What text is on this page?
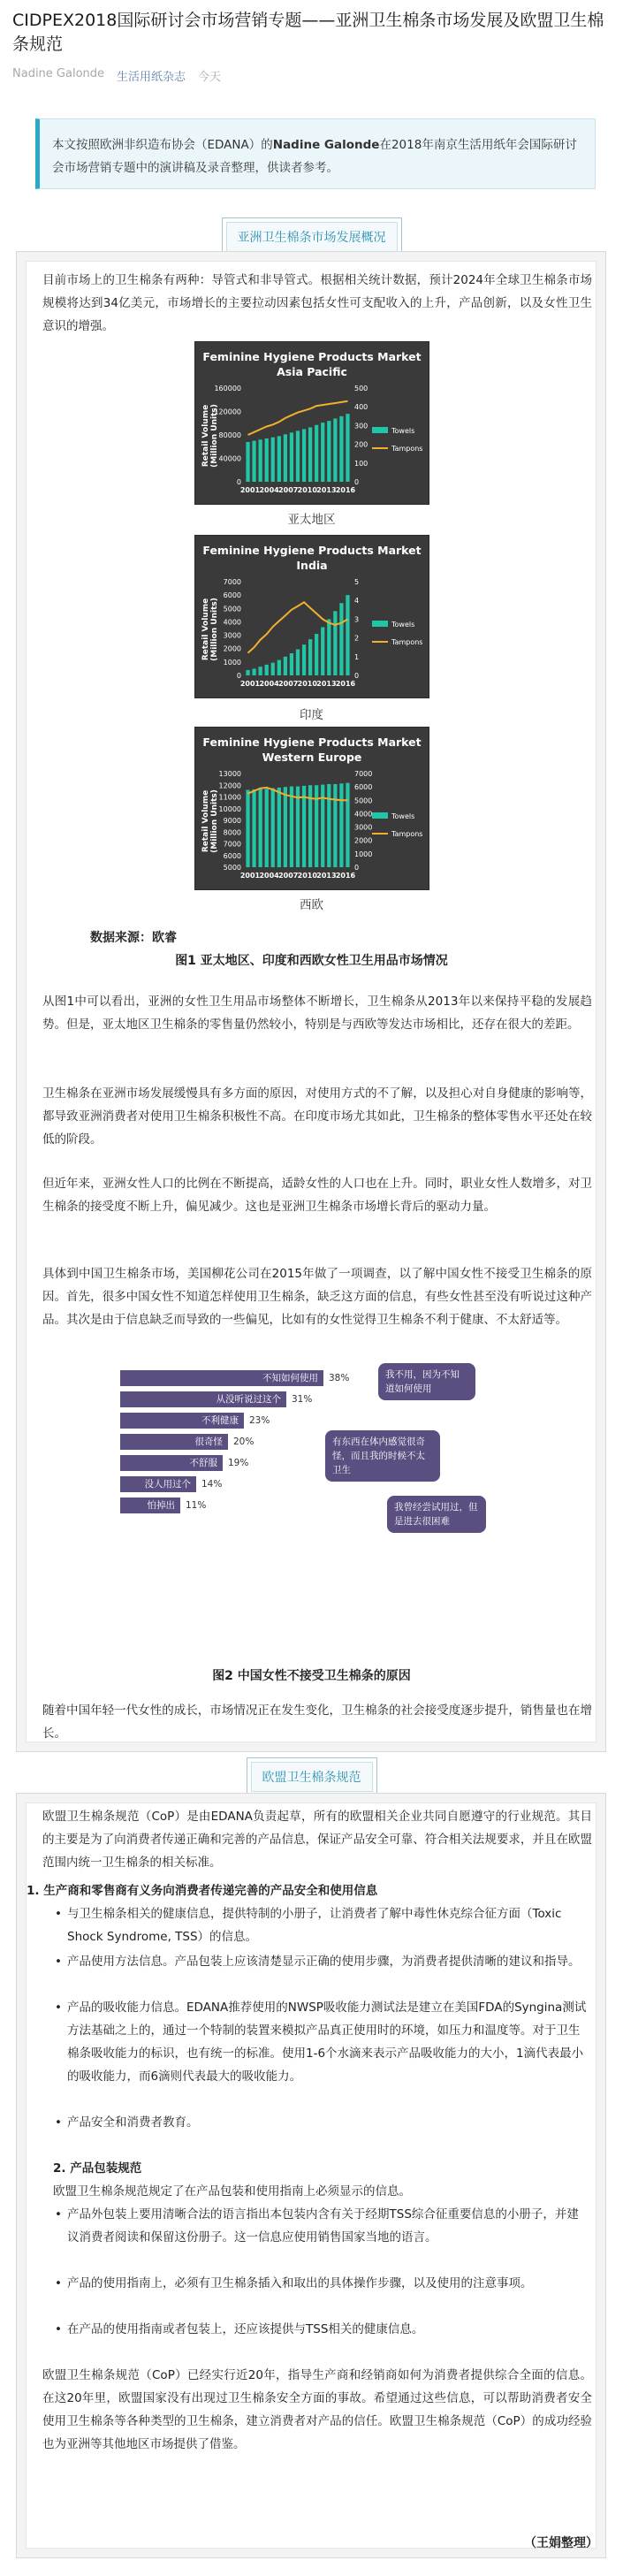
CIDPEX2018国际研讨会市场营销专题——亚洲卫生棉条市场发展及欧盟卫生棉条规范
Nadine Galonde 生活用纸杂志 今天
本文按照欧洲非织造布协会（EDANA）的Nadine Galonde在2018年南京生活用纸年会国际研讨会市场营销专题中的演讲稿及录音整理，供读者参考。
亚洲卫生棉条市场发展概况
目前市场上的卫生棉条有两种：导管式和非导管式。根据相关统计数据，预计2024年全球卫生棉条市场规模将达到34亿美元，市场增长的主要拉动因素包括女性可支配收入的上升，产品创新，以及女性卫生意识的增强。
Feminine Hygiene Products Market
Asia Pacific
Retail Volume (Million Units)
160000
120000
80000
40000
0
500
400
300
200
100
0
2001 2004 2007 2010 2013 2016
Towels
Tampons
亚太地区
Feminine Hygiene Products Market
India
Retail Volume (Million Units)
7000
6000
5000
4000
3000
2000
1000
0
5
4
3
2
1
0
2001 2004 2007 2010 2013 2016
Towels
Tampons
印度
Feminine Hygiene Products Market
Western Europe
Retail Volume (Million Units)
13000
12000
11000
10000
9000
8000
7000
6000
5000
7000
6000
5000
4000
3000
2000
1000
0
2001 2004 2007 2010 2013 2016
Towels
Tampons
西欧
数据来源：欧睿
图1 亚太地区、印度和西欧女性卫生用品市场情况
从图1中可以看出，亚洲的女性卫生用品市场整体不断增长，卫生棉条从2013年以来保持平稳的发展趋势。但是，亚太地区卫生棉条的零售量仍然较小，特别是与西欧等发达市场相比，还存在很大的差距。
卫生棉条在亚洲市场发展缓慢具有多方面的原因，对使用方式的不了解，以及担心对自身健康的影响等，都导致亚洲消费者对使用卫生棉条积极性不高。在印度市场尤其如此，卫生棉条的整体零售水平还处在较低的阶段。
但近年来，亚洲女性人口的比例在不断提高，适龄女性的人口也在上升。同时，职业女性人数增多，对卫生棉条的接受度不断上升，偏见减少。这也是亚洲卫生棉条市场增长背后的驱动力量。
具体到中国卫生棉条市场，美国柳花公司在2015年做了一项调查，以了解中国女性不接受卫生棉条的原因。首先，很多中国女性不知道怎样使用卫生棉条，缺乏这方面的信息，有些女性甚至没有听说过这种产品。其次是由于信息缺乏而导致的一些偏见，比如有的女性觉得卫生棉条不利于健康、不太舒适等。
不知如何使用	38%
从没听说过这个	31%
不利健康	23%
很奇怪	20%
不舒服	19%
没人用过个	14%
怕掉出	11%
我不用，因为不知道如何使用
有东西在体内感觉很奇怪，而且我的时候不太卫生
我曾经尝试用过，但是进去很困难
图2 中国女性不接受卫生棉条的原因
随着中国年轻一代女性的成长，市场情况正在发生变化，卫生棉条的社会接受度逐步提升，销售量也在增长。
欧盟卫生棉条规范
欧盟卫生棉条规范（CoP）是由EDANA负责起草，所有的欧盟相关企业共同自愿遵守的行业规范。其目的主要是为了向消费者传递正确和完善的产品信息，保证产品安全可靠、符合相关法规要求，并且在欧盟范围内统一卫生棉条的相关标准。
1. 生产商和零售商有义务向消费者传递完善的产品安全和使用信息
• 与卫生棉条相关的健康信息，提供特制的小册子，让消费者了解中毒性休克综合征方面（Toxic Shock Syndrome, TSS）的信息。
• 产品使用方法信息。产品包装上应该清楚显示正确的使用步骤，为消费者提供清晰的建议和指导。
• 产品的吸收能力信息。EDANA推荐使用的NWSP吸收能力测试法是建立在美国FDA的Syngina测试方法基础之上的，通过一个特制的装置来模拟产品真正使用时的环境，如压力和温度等。对于卫生棉条吸收能力的标识，也有统一的标准。使用1-6个水滴来表示产品吸收能力的大小，1滴代表最小的吸收能力，而6滴则代表最大的吸收能力。
• 产品安全和消费者教育。
2. 产品包装规范
欧盟卫生棉条规范规定了在产品包装和使用指南上必须显示的信息。
• 产品外包装上要用清晰合法的语言指出本包装内含有关于经期TSS综合征重要信息的小册子，并建议消费者阅读和保留这份册子。这一信息应使用销售国家当地的语言。
• 产品的使用指南上，必须有卫生棉条插入和取出的具体操作步骤，以及使用的注意事项。
• 在产品的使用指南或者包装上，还应该提供与TSS相关的健康信息。
欧盟卫生棉条规范（CoP）已经实行近20年，指导生产商和经销商如何为消费者提供综合全面的信息。在这20年里，欧盟国家没有出现过卫生棉条安全方面的事故。希望通过这些信息，可以帮助消费者安全使用卫生棉条等各种类型的卫生棉条，建立消费者对产品的信任。欧盟卫生棉条规范（CoP）的成功经验也为亚洲等其他地区市场提供了借鉴。
（王娟整理）
